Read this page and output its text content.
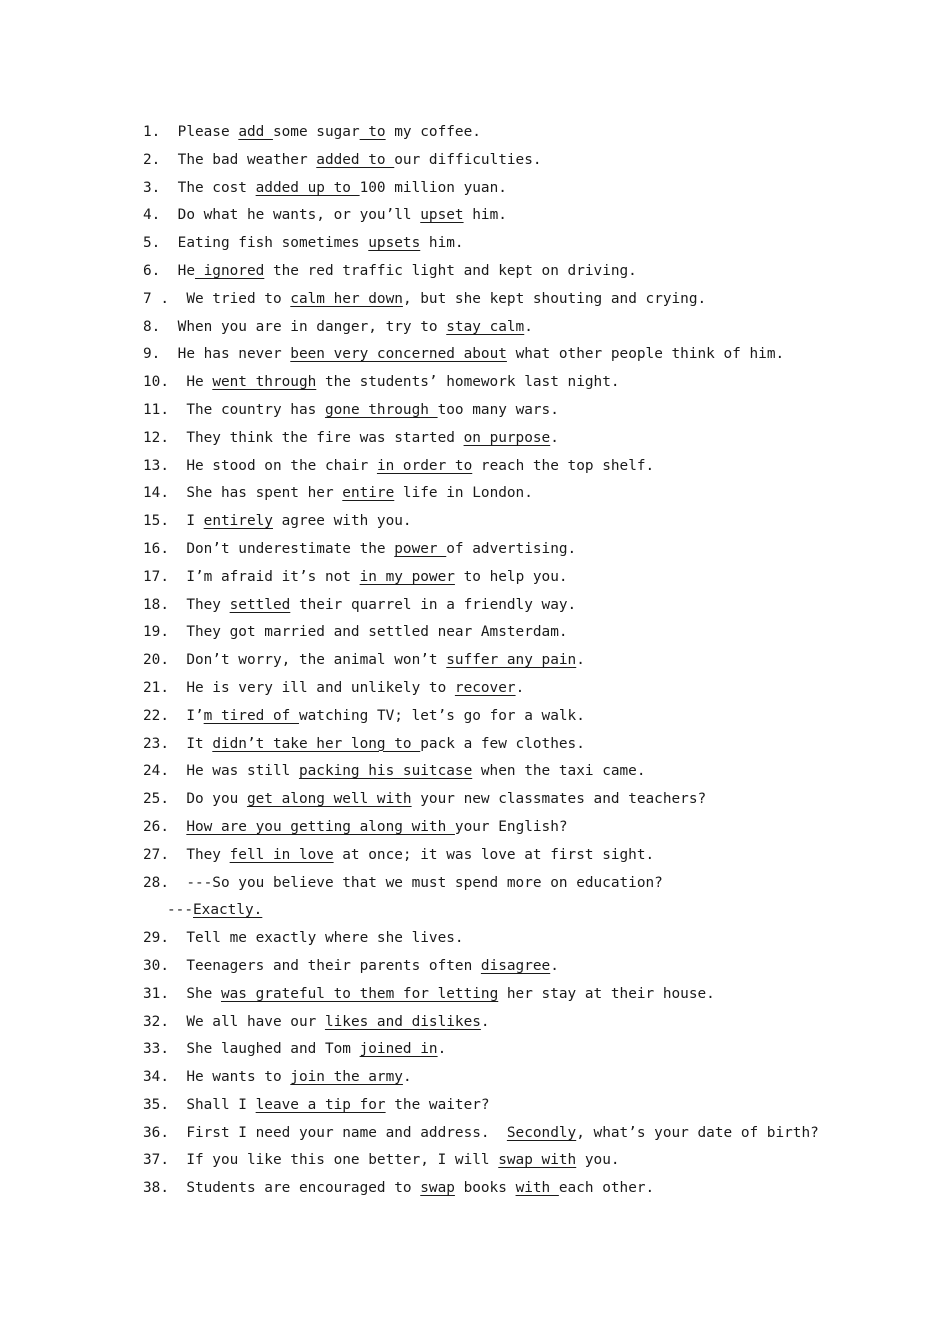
1.  Please add some sugar to my coffee.
2.  The bad weather added to our difficulties.
3.  The cost added up to 100 million yuan.
4.  Do what he wants, or you’ll upset him.
5.  Eating fish sometimes upsets him.
6.  He ignored the red traffic light and kept on driving.
7 .  We tried to calm her down, but she kept shouting and crying.
8.  When you are in danger, try to stay calm.
9.  He has never been very concerned about what other people think of him.
10.  He went through the students’ homework last night.
11.  The country has gone through too many wars.
12.  They think the fire was started on purpose.
13.  He stood on the chair in order to reach the top shelf.
14.  She has spent her entire life in London.
15.  I entirely agree with you.
16.  Don’t underestimate the power of advertising.
17.  I’m afraid it’s not in my power to help you.
18.  They settled their quarrel in a friendly way.
19.  They got married and settled near Amsterdam.
20.  Don’t worry, the animal won’t suffer any pain.
21.  He is very ill and unlikely to recover.
22.  I’m tired of watching TV; let’s go for a walk.
23.  It didn’t take her long to pack a few clothes.
24.  He was still packing his suitcase when the taxi came.
25.  Do you get along well with your new classmates and teachers?
26.  How are you getting along with your English?
27.  They fell in love at once; it was love at first sight.
28.  ---So you believe that we must spend more on education?
---Exactly.
29.  Tell me exactly where she lives.
30.  Teenagers and their parents often disagree.
31.  She was grateful to them for letting her stay at their house.
32.  We all have our likes and dislikes.
33.  She laughed and Tom joined in.
34.  He wants to join the army.
35.  Shall I leave a tip for the waiter?
36.  First I need your name and address.  Secondly, what’s your date of birth?
37.  If you like this one better, I will swap with you.
38.  Students are encouraged to swap books with each other.
